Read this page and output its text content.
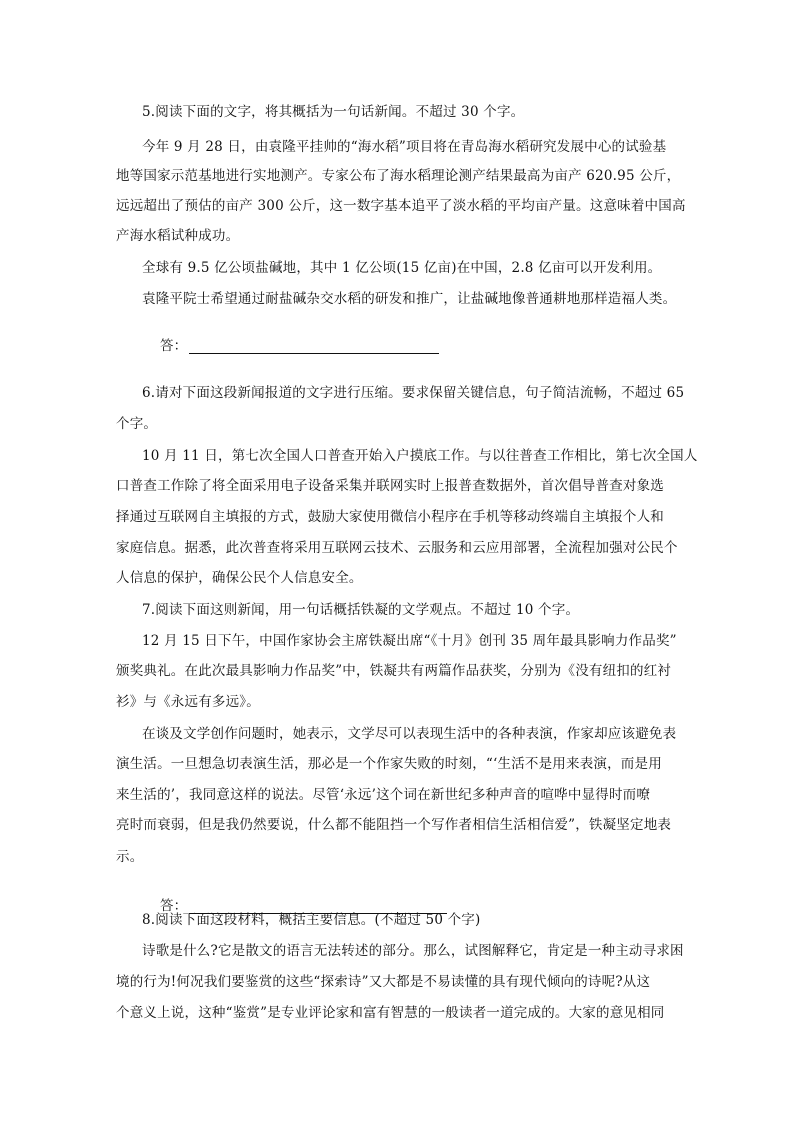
5.阅读下面的文字，将其概括为一句话新闻。不超过 30 个字。
今年 9 月 28 日，由袁隆平挂帅的“海水稻”项目将在青岛海水稻研究发展中心的试验基
地等国家示范基地进行实地测产。专家公布了海水稻理论测产结果最高为亩产 620.95 公斤，
远远超出了预估的亩产 300 公斤，这一数字基本追平了淡水稻的平均亩产量。这意味着中国高
产海水稻试种成功。
全球有 9.5 亿公顷盐碱地，其中 1 亿公顷(15 亿亩)在中国，2.8 亿亩可以开发利用。
袁隆平院士希望通过耐盐碱杂交水稻的研发和推广，让盐碱地像普通耕地那样造福人类。

答：

6.请对下面这段新闻报道的文字进行压缩。要求保留关键信息，句子简洁流畅，不超过 65
个字。
10 月 11 日，第七次全国人口普查开始入户摸底工作。与以往普查工作相比，第七次全国人
口普查工作除了将全面采用电子设备采集并联网实时上报普查数据外，首次倡导普查对象选
择通过互联网自主填报的方式，鼓励大家使用微信小程序在手机等移动终端自主填报个人和
家庭信息。据悉，此次普查将采用互联网云技术、云服务和云应用部署，全流程加强对公民个
人信息的保护，确保公民个人信息安全。
7.阅读下面这则新闻，用一句话概括铁凝的文学观点。不超过 10 个字。
12 月 15 日下午，中国作家协会主席铁凝出席“《十月》创刊 35 周年最具影响力作品奖”
颁奖典礼。在此次最具影响力作品奖”中，铁凝共有两篇作品获奖，分别为《没有纽扣的红衬
衫》与《永远有多远》。
在谈及文学创作问题时，她表示，文学尽可以表现生活中的各种表演，作家却应该避免表
演生活。一旦想急切表演生活，那必是一个作家失败的时刻，“‘生活不是用来表演，而是用
来生活的’，我同意这样的说法。尽管‘永远’这个词在新世纪多种声音的喧哗中显得时而嘹
亮时而衰弱，但是我仍然要说，什么都不能阻挡一个写作者相信生活相信爱”，铁凝坚定地表
示。

答：

8.阅读下面这段材料，概括主要信息。(不超过 50 个字)
诗歌是什么?它是散文的语言无法转述的部分。那么，试图解释它，肯定是一种主动寻求困
境的行为!何况我们要鉴赏的这些“探索诗”又大都是不易读懂的具有现代倾向的诗呢?从这
个意义上说，这种“鉴赏”是专业评论家和富有智慧的一般读者一道完成的。大家的意见相同
